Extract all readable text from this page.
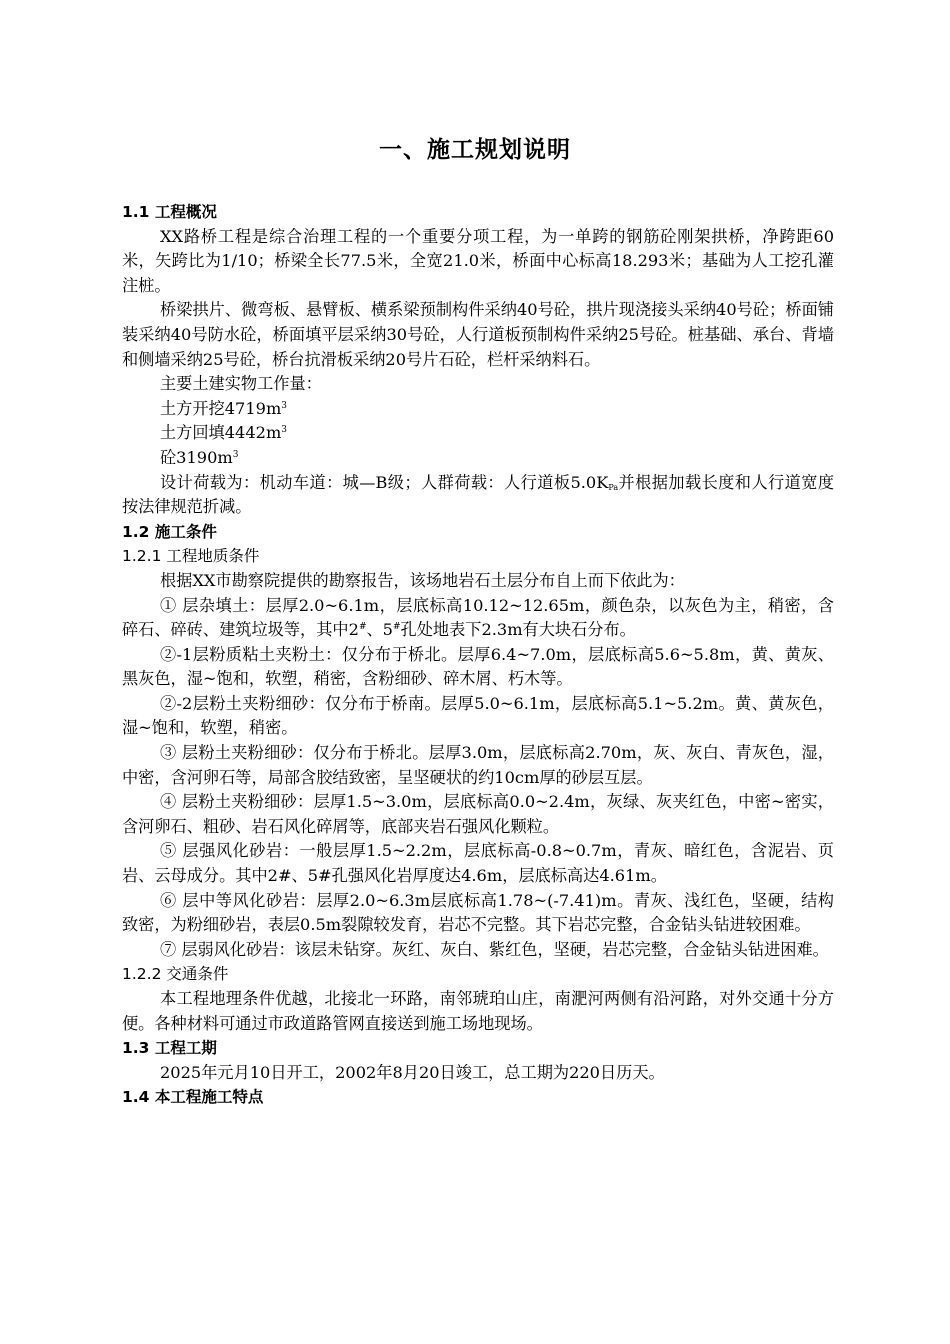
一、施工规划说明

1.1 工程概况

XX路桥工程是综合治理工程的一个重要分项工程，为一单跨的钢筋砼刚架拱桥，净跨距60米，矢跨比为1/10；桥梁全长77.5米，全宽21.0米，桥面中心标高18.293米；基础为人工挖孔灌注桩。

桥梁拱片、微弯板、悬臂板、横系梁预制构件采纳40号砼，拱片现浇接头采纳40号砼；桥面铺装采纳40号防水砼，桥面填平层采纳30号砼，人行道板预制构件采纳25号砼。桩基础、承台、背墙和侧墙采纳25号砼，桥台抗滑板采纳20号片石砼，栏杆采纳料石。

主要土建实物工作量：

土方开挖$4719m^3$

土方回填$4442m^3$

砼$3190m^3$

设计荷载为：机动车道：城—B级；人群荷载：人行道板$5.0K_{Pa}$并根据加载长度和人行道宽度按法律规范折减。

1.2 施工条件

1.2.1 工程地质条件

根据XX市勘察院提供的勘察报告，该场地岩石土层分布自上而下依此为：

① 层杂填土：层厚2.0~6.1m，层底标高10.12~12.65m，颜色杂，以灰色为主，稍密，含碎石、碎砖、建筑垃圾等，其中2#、5#孔处地表下2.3m有大块石分布。

②-1层粉质粘土夹粉土：仅分布于桥北。层厚6.4~7.0m，层底标高5.6~5.8m，黄、黄灰、黑灰色，湿~饱和，软塑，稍密，含粉细砂、碎木屑、朽木等。

②-2层粉土夹粉细砂：仅分布于桥南。层厚5.0~6.1m，层底标高5.1~5.2m。黄、黄灰色，湿~饱和，软塑，稍密。

③ 层粉土夹粉细砂：仅分布于桥北。层厚3.0m，层底标高2.70m，灰、灰白、青灰色，湿，中密，含河卵石等，局部含胶结致密，呈坚硬状的约10cm厚的砂层互层。

④ 层粉土夹粉细砂：层厚1.5~3.0m，层底标高0.0~2.4m，灰绿、灰夹红色，中密~密实，含河卵石、粗砂、岩石风化碎屑等，底部夹岩石强风化颗粒。

⑤ 层强风化砂岩：一般层厚1.5~2.2m，层底标高-0.8~0.7m，青灰、暗红色，含泥岩、页岩、云母成分。其中2#、5#孔强风化岩厚度达4.6m，层底标高达4.61m。

⑥ 层中等风化砂岩：层厚2.0~6.3m层底标高1.78~(-7.41)m。青灰、浅红色，坚硬，结构致密，为粉细砂岩，表层0.5m裂隙较发育，岩芯不完整。其下岩芯完整，合金钻头钻进较困难。

⑦ 层弱风化砂岩：该层未钻穿。灰红、灰白、紫红色，坚硬，岩芯完整，合金钻头钻进困难。

1.2.2 交通条件

本工程地理条件优越，北接北一环路，南邻琥珀山庄，南淝河两侧有沿河路，对外交通十分方便。各种材料可通过市政道路管网直接送到施工场地现场。

1.3 工程工期

2025年元月10日开工，2002年8月20日竣工，总工期为220日历天。

1.4 本工程施工特点
